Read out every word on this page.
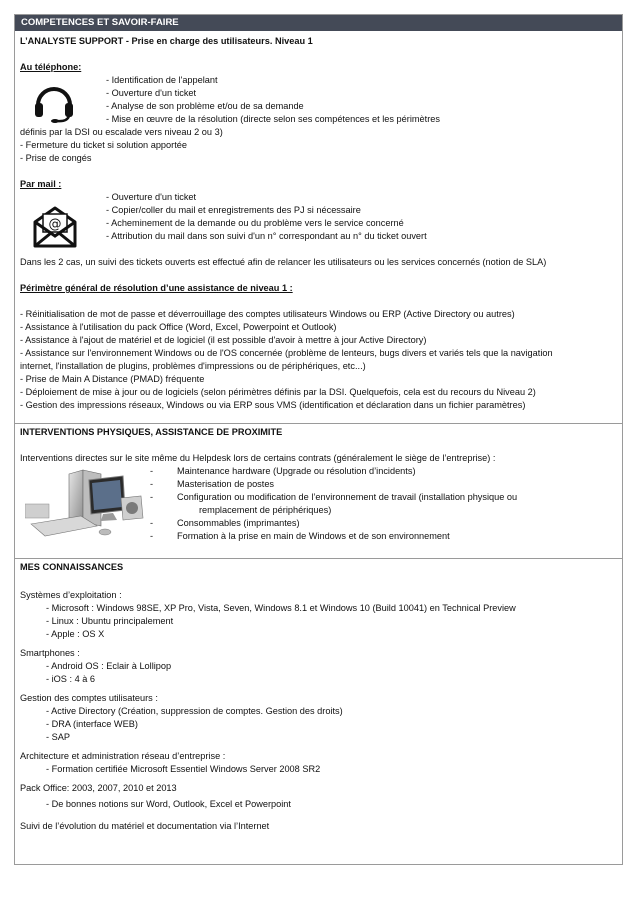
COMPETENCES ET SAVOIR-FAIRE
L’ANALYSTE SUPPORT - Prise en charge des utilisateurs. Niveau 1
Au téléphone:
- Identification de l'appelant
- Ouverture d'un ticket
- Analyse de son problème et/ou de sa demande
- Mise en œuvre de la résolution (directe selon ses compétences et les périmètres
définis par la DSI ou escalade vers niveau 2 ou 3)
- Fermeture du ticket si solution apportée
- Prise de congés
Par mail :
@
- Ouverture d'un ticket
- Copier/coller du mail et enregistrements des PJ si nécessaire
- Acheminement de la demande ou du problème vers le service concerné
- Attribution du mail dans son suivi d'un n° correspondant au n° du ticket ouvert
Dans les 2 cas, un suivi des tickets ouverts est effectué afin de relancer les utilisateurs ou les services concernés (notion de SLA)
Périmètre général de résolution d’une assistance de niveau 1 :
- Réinitialisation de mot de passe et déverrouillage des comptes utilisateurs Windows ou ERP (Active Directory ou autres)
- Assistance à l'utilisation du pack Office (Word, Excel, Powerpoint et Outlook)
- Assistance à l'ajout de matériel et de logiciel (il est possible d'avoir à mettre à jour Active Directory)
- Assistance sur l'environnement Windows ou de l'OS concernée (problème de lenteurs, bugs divers et variés tels que la navigation
internet, l'installation de plugins, problèmes d'impressions ou de périphériques, etc...)
- Prise de Main A Distance (PMAD) fréquente
- Déploiement de mise à jour ou de logiciels (selon périmètres définis par la DSI. Quelquefois, cela est du recours du Niveau 2)
- Gestion des impressions réseaux, Windows ou via ERP sous VMS (identification et déclaration dans un fichier paramètres)
INTERVENTIONS PHYSIQUES, ASSISTANCE DE PROXIMITE
Interventions directes sur le site même du Helpdesk lors de certains contrats (généralement le siège de l’entreprise) :
-	Maintenance hardware (Upgrade ou résolution d’incidents)
-	Masterisation de postes
-	Configuration ou modification de l’environnement de travail (installation physique ou
remplacement de périphériques)
-	Consommables (imprimantes)
-	Formation à la prise en main de Windows et de son environnement
MES CONNAISSANCES
Systèmes d’exploitation :
- Microsoft : Windows 98SE, XP Pro, Vista, Seven, Windows 8.1 et Windows 10 (Build 10041) en Technical Preview
- Linux : Ubuntu principalement
- Apple : OS X
Smartphones :
- Android OS : Eclair à Lollipop
- iOS : 4 à 6
Gestion des comptes utilisateurs :
- Active Directory (Création, suppression de comptes. Gestion des droits)
- DRA (interface WEB)
- SAP
Architecture et administration réseau d’entreprise :
- Formation certifiée Microsoft Essentiel Windows Server 2008 SR2
Pack Office: 2003, 2007, 2010 et 2013
- De bonnes notions sur Word, Outlook, Excel et Powerpoint
Suivi de l’évolution du matériel et documentation via l’Internet
